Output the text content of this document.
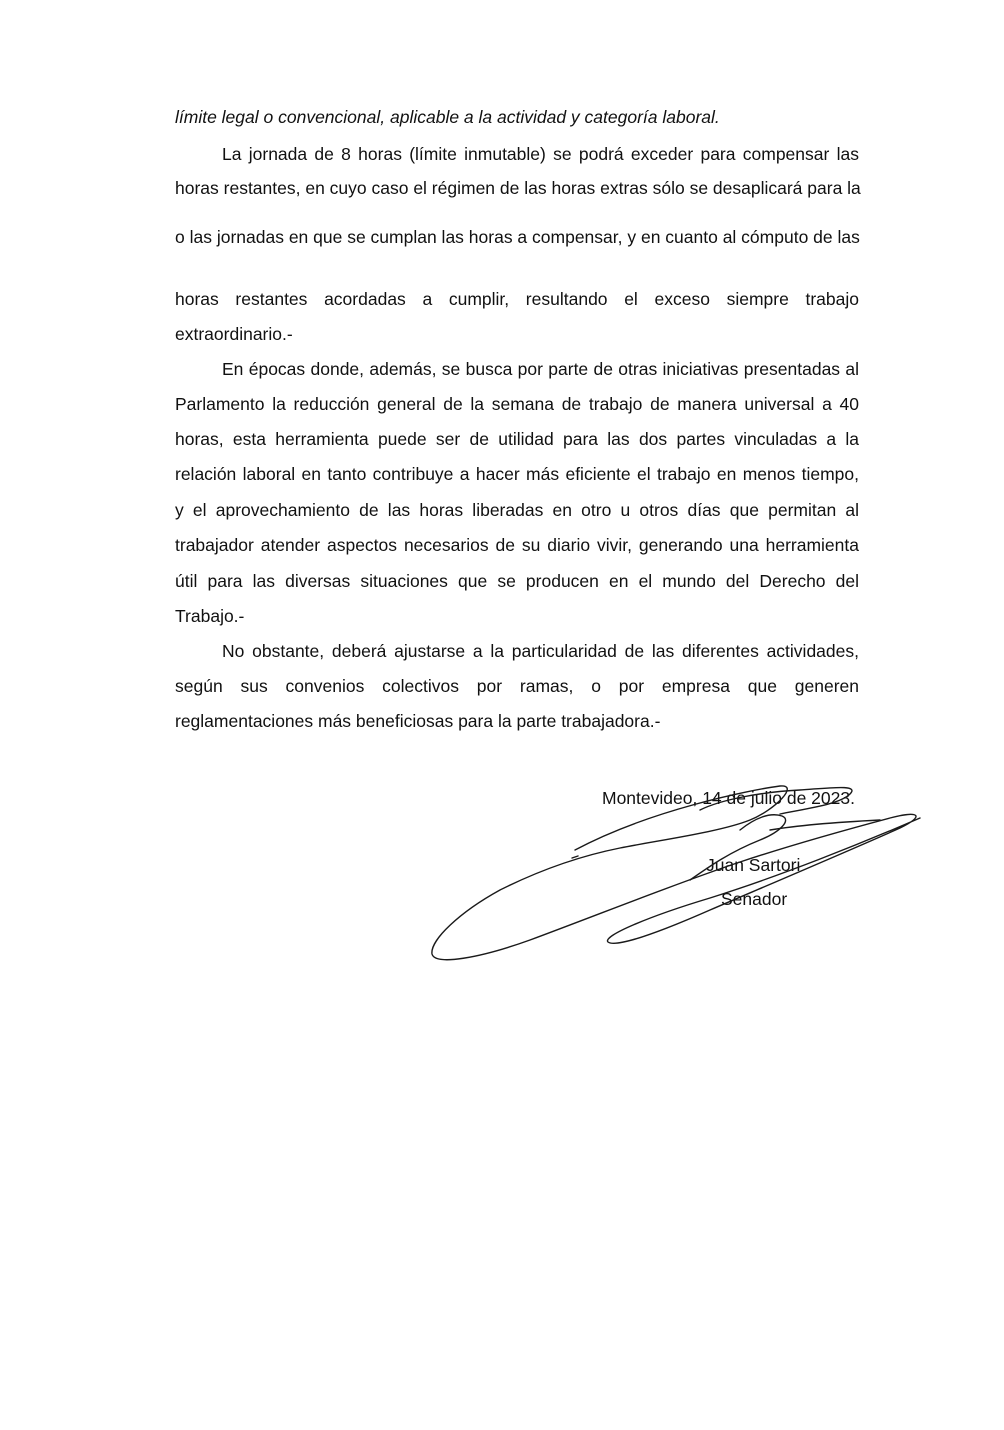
límite legal o convencional, aplicable a la actividad y categoría laboral.
La jornada de 8 horas (límite inmutable) se podrá exceder para compensar las
horas restantes, en cuyo caso el régimen de las horas extras sólo se desaplicará para la
o las jornadas en que se cumplan las horas a compensar, y en cuanto al cómputo de las
horas restantes acordadas a cumplir, resultando el exceso siempre trabajo
extraordinario.-
En épocas donde, además, se busca por parte de otras iniciativas presentadas al
Parlamento la reducción general de la semana de trabajo de manera universal a 40
horas, esta herramienta puede ser de utilidad para las dos partes vinculadas a la
relación laboral en tanto contribuye a hacer más eficiente el trabajo en menos tiempo,
y el aprovechamiento de las horas liberadas en otro u otros días que permitan al
trabajador atender aspectos necesarios de su diario vivir, generando una herramienta
útil para las diversas situaciones que se producen en el mundo del Derecho del
Trabajo.-
No obstante, deberá ajustarse a la particularidad de las diferentes actividades,
según sus convenios colectivos por ramas, o por empresa que generen
reglamentaciones más beneficiosas para la parte trabajadora.-
Montevideo, 14 de julio de 2023.
Juan Sartori
Senador
